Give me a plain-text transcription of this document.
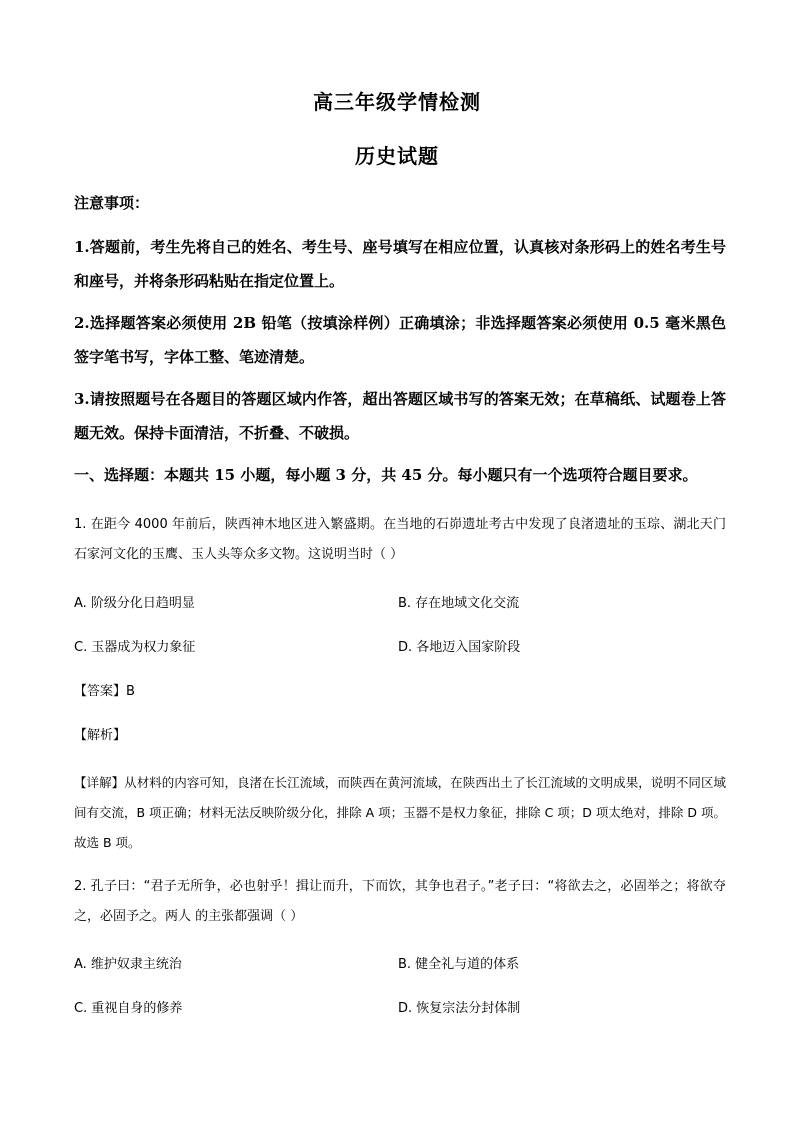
高三年级学情检测
历史试题
注意事项：
1.答题前，考生先将自己的姓名、考生号、座号填写在相应位置，认真核对条形码上的姓名考生号和座号，并将条形码粘贴在指定位置上。
2.选择题答案必须使用 2B 铅笔（按填涂样例）正确填涂；非选择题答案必须使用 0.5 毫米黑色签字笔书写，字体工整、笔迹清楚。
3.请按照题号在各题目的答题区域内作答，超出答题区域书写的答案无效；在草稿纸、试题卷上答题无效。保持卡面清洁，不折叠、不破损。
一、选择题：本题共 15 小题，每小题 3 分，共 45 分。每小题只有一个选项符合题目要求。
1. 在距今 4000 年前后，陕西神木地区进入繁盛期。在当地的石峁遗址考古中发现了良渚遗址的玉琮、湖北天门石家河文化的玉鹰、玉人头等众多文物。这说明当时（ ）
A. 阶级分化日趋明显	B. 存在地域文化交流
C. 玉器成为权力象征	D. 各地迈入国家阶段
【答案】B
【解析】
【详解】从材料的内容可知，良渚在长江流域，而陕西在黄河流域，在陕西出土了长江流域的文明成果，说明不同区域间有交流，B 项正确；材料无法反映阶级分化，排除 A 项；玉器不是权力象征，排除 C 项；D 项太绝对，排除 D 项。故选 B 项。
2. 孔子曰：“君子无所争，必也射乎！揖让而升，下而饮，其争也君子。”老子曰：“将欲去之，必固举之；将欲夺之，必固予之。两人 的主张都强调（ ）
A. 维护奴隶主统治	B. 健全礼与道的体系
C. 重视自身的修养	D. 恢复宗法分封体制
